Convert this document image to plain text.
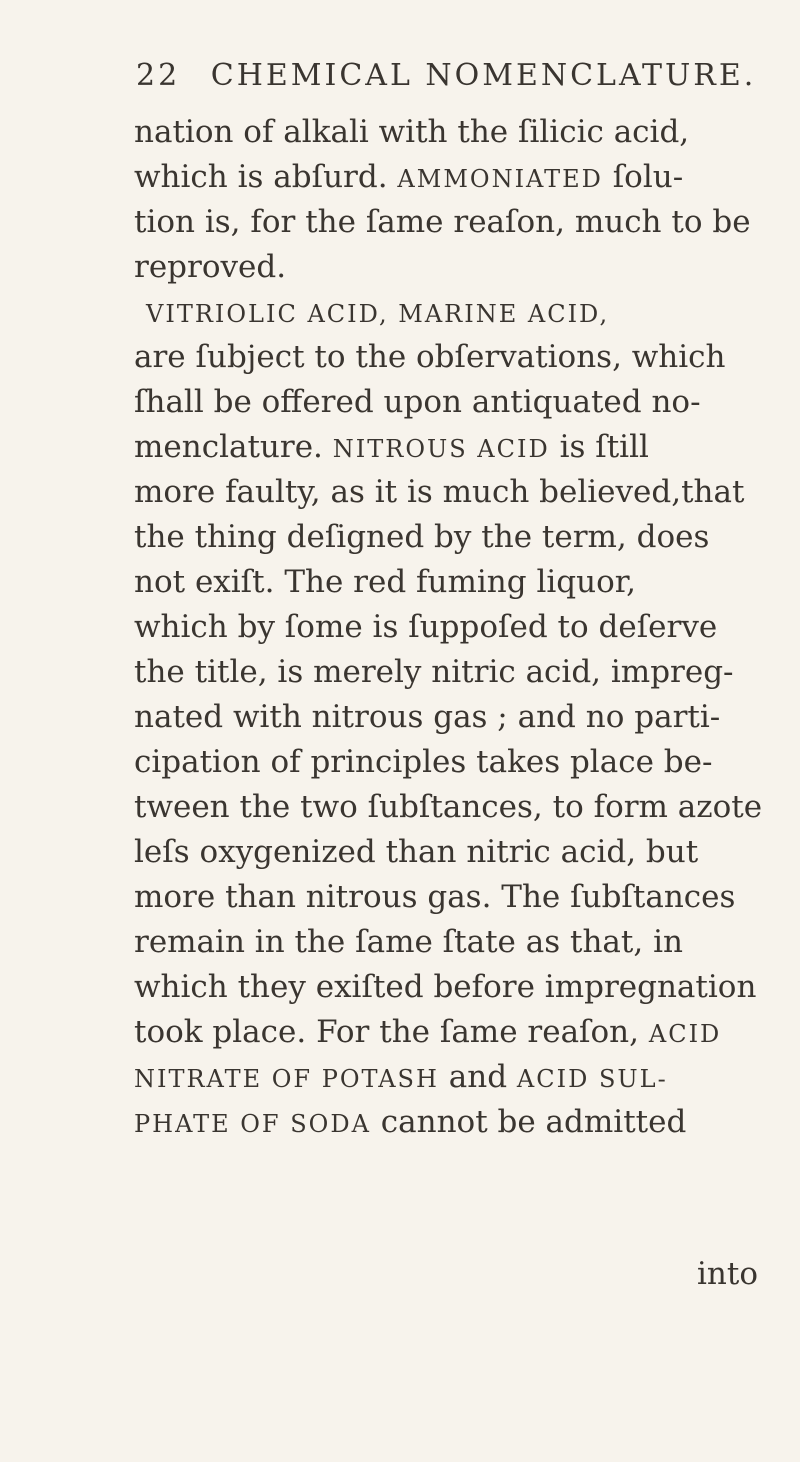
22 CHEMICAL NOMENCLATURE.
nation of alkali with the ſilicic acid,
which is abſurd. AMMONIATED ſolu-
tion is, for the ſame reaſon, much to be
reproved.
VITRIOLIC ACID, MARINE ACID,
are ſubject to the obſervations, which
ſhall be offered upon antiquated no-
menclature. NITROUS ACID is ſtill
more faulty, as it is much believed,that
the thing deſigned by the term, does
not exiſt. The red fuming liquor,
which by ſome is ſuppoſed to deſerve
the title, is merely nitric acid, impreg-
nated with nitrous gas ; and no parti-
cipation of principles takes place be-
tween the two ſubſtances, to form azote
leſs oxygenized than nitric acid, but
more than nitrous gas. The ſubſtances
remain in the ſame ſtate as that, in
which they exiſted before impregnation
took place. For the ſame reaſon, ACID
NITRATE OF POTASH and ACID SUL-
PHATE OF SODA cannot be admitted
into
